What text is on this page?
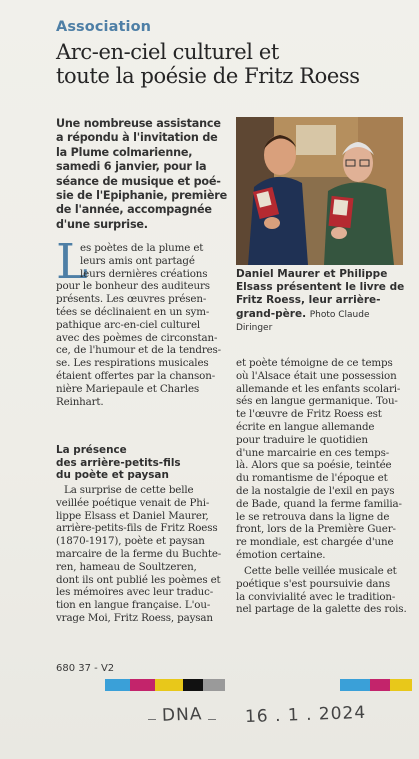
Association
Arc-en-ciel culturel et
toute la poésie de Fritz Roess
Une nombreuse assistance
a répondu à l'invitation de
la Plume colmarienne,
samedi 6 janvier, pour la
séance de musique et poé-
sie de l'Epiphanie, première
de l'année, accompagnée
d'une surprise.
Daniel Maurer et Philippe
Elsass présentent le livre de
Fritz Roess, leur arrière-
grand-père. Photo Claude
Diringer
L
es poètes de la plume et
leurs amis ont partagé
leurs dernières créations
pour le bonheur des auditeurs
présents. Les œuvres présen-
tées se déclinaient en un sym-
pathique arc-en-ciel culturel
avec des poèmes de circonstan-
ce, de l'humour et de la tendres-
se. Les respirations musicales
étaient offertes par la chanson-
nière Mariepaule et Charles
Reinhart.
La présence
des arrière-petits-fils
du poète et paysan
La surprise de cette belle
veillée poétique venait de Phi-
lippe Elsass et Daniel Maurer,
arrière-petits-fils de Fritz Roess
(1870-1917), poète et paysan
marcaire de la ferme du Buchte-
ren, hameau de Soultzeren,
dont ils ont publié les poèmes et
les mémoires avec leur traduc-
tion en langue française. L'ou-
vrage Moi, Fritz Roess, paysan
et poète témoigne de ce temps
où l'Alsace était une possession
allemande et les enfants scolari-
sés en langue germanique. Tou-
te l'œuvre de Fritz Roess est
écrite en langue allemande
pour traduire le quotidien
d'une marcairie en ces temps-
là. Alors que sa poésie, teintée
du romantisme de l'époque et
de la nostalgie de l'exil en pays
de Bade, quand la ferme familia-
le se retrouva dans la ligne de
front, lors de la Première Guer-
re mondiale, est chargée d'une
émotion certaine.
Cette belle veillée musicale et
poétique s'est poursuivie dans
la convivialité avec le tradition-
nel partage de la galette des rois.
680 37 - V2
DNA 16 . 1 . 2024
